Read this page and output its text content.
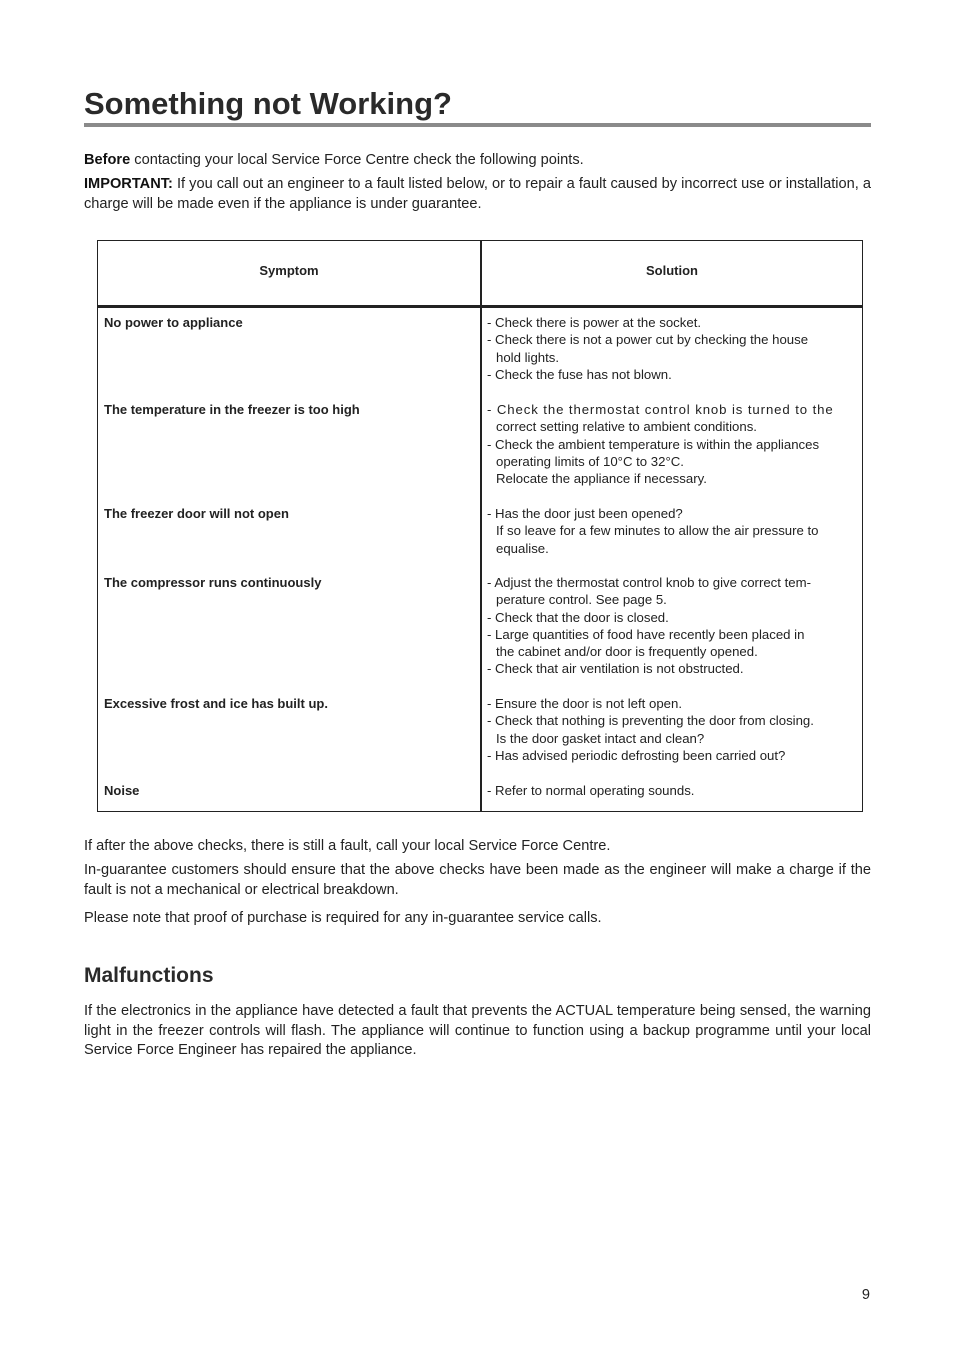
Something not Working?

Before contacting your local Service Force Centre check the following points.

IMPORTANT: If you call out an engineer to a fault listed below, or to repair a fault caused by incorrect use or installation, a charge will be made even if the appliance is under guarantee.

If after the above checks, there is still a fault, call your local Service Force Centre.

In-guarantee customers should ensure that the above checks have been made as the engineer will make a charge if the fault is not a mechanical or electrical breakdown.

Please note that proof of purchase is required for any in-guarantee service calls.

Malfunctions

If the electronics in the appliance have detected a fault that prevents the ACTUAL temperature being sensed, the warning light in the freezer controls will flash. The appliance will continue to function using a backup programme until your local Service Force Engineer has repaired the appliance.

Symptom	Solution
No power to appliance	- Check there is power at the socket.
- Check there is not a power cut by checking the house
hold lights.
- Check the fuse has not blown.
The temperature in the freezer is too high	- Check the thermostat control knob is turned to the
correct setting relative to ambient conditions.
- Check the ambient temperature is within the appliances
operating limits of 10°C to 32°C.
Relocate the appliance if necessary.
The freezer door will not open	- Has the door just been opened?
If so leave for a few minutes to allow the air pressure to
equalise.
The compressor runs continuously	- Adjust the thermostat control knob to give correct tem-
perature control. See page 5.
- Check that the door is closed.
- Large quantities of food have recently been placed in
the cabinet and/or door is frequently opened.
- Check that air ventilation is not obstructed.
Excessive frost and ice has built up.	- Ensure the door is not left open.
- Check that nothing is preventing the door from closing.
Is the door gasket intact and clean?
- Has advised periodic defrosting been carried out?
Noise	- Refer to normal operating sounds.
9
